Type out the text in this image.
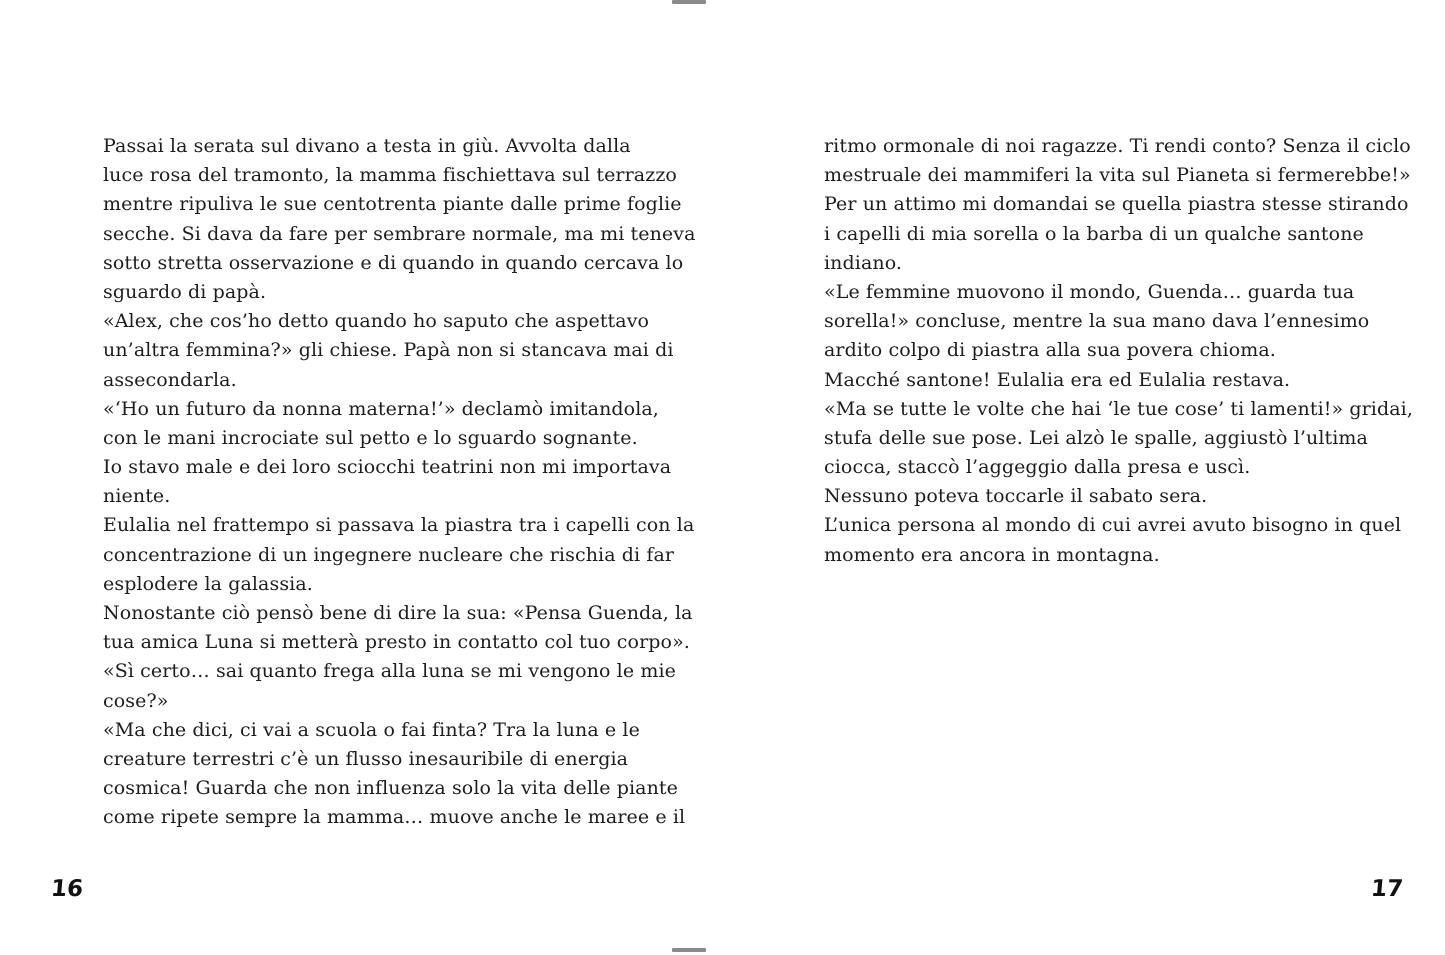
Passai la serata sul divano a testa in giù. Avvolta dalla
luce rosa del tramonto, la mamma fischiettava sul terrazzo
mentre ripuliva le sue centotrenta piante dalle prime foglie
secche. Si dava da fare per sembrare normale, ma mi teneva
sotto stretta osservazione e di quando in quando cercava lo
sguardo di papà.
«Alex, che cos’ho detto quando ho saputo che aspettavo
un’altra femmina?» gli chiese. Papà non si stancava mai di
assecondarla.
«‘Ho un futuro da nonna materna!’» declamò imitandola,
con le mani incrociate sul petto e lo sguardo sognante.
Io stavo male e dei loro sciocchi teatrini non mi importava
niente.
Eulalia nel frattempo si passava la piastra tra i capelli con la
concentrazione di un ingegnere nucleare che rischia di far
esplodere la galassia.
Nonostante ciò pensò bene di dire la sua: «Pensa Guenda, la
tua amica Luna si metterà presto in contatto col tuo corpo».
«Sì certo… sai quanto frega alla luna se mi vengono le mie
cose?»
«Ma che dici, ci vai a scuola o fai finta? Tra la luna e le
creature terrestri c’è un flusso inesauribile di energia
cosmica! Guarda che non influenza solo la vita delle piante
come ripete sempre la mamma… muove anche le maree e il
ritmo ormonale di noi ragazze. Ti rendi conto? Senza il ciclo
mestruale dei mammiferi la vita sul Pianeta si fermerebbe!»
Per un attimo mi domandai se quella piastra stesse stirando
i capelli di mia sorella o la barba di un qualche santone
indiano.
«Le femmine muovono il mondo, Guenda… guarda tua
sorella!» concluse, mentre la sua mano dava l’ennesimo
ardito colpo di piastra alla sua povera chioma.
Macché santone! Eulalia era ed Eulalia restava.
«Ma se tutte le volte che hai ‘le tue cose’ ti lamenti!» gridai,
stufa delle sue pose. Lei alzò le spalle, aggiustò l’ultima
ciocca, staccò l’aggeggio dalla presa e uscì.
Nessuno poteva toccarle il sabato sera.
L’unica persona al mondo di cui avrei avuto bisogno in quel
momento era ancora in montagna.
16	17
